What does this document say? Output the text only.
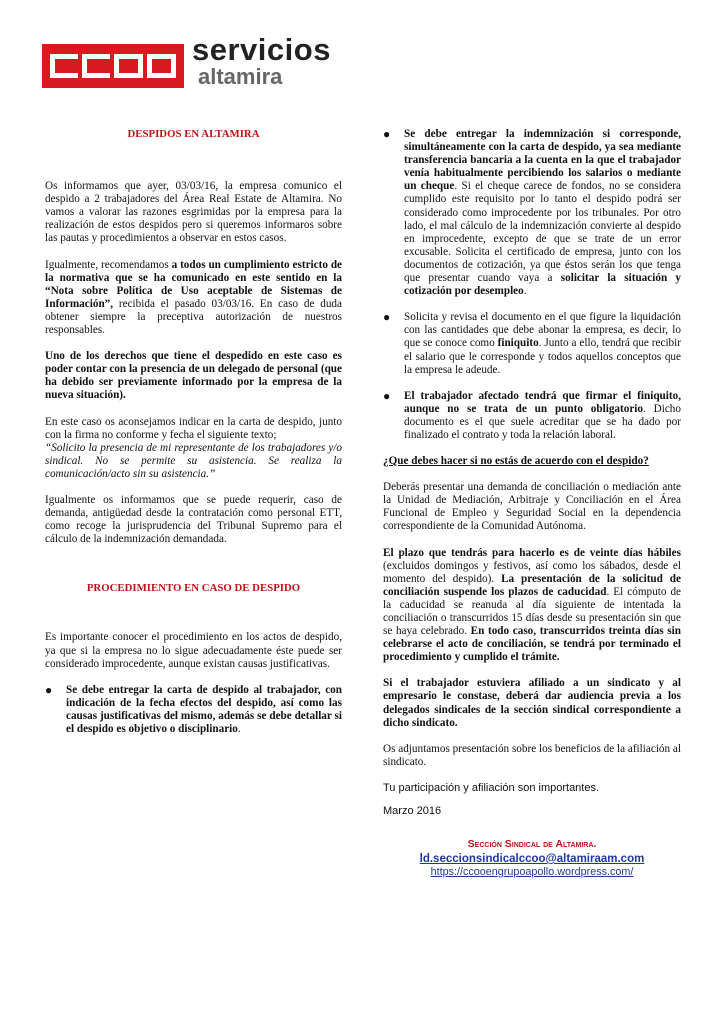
servicios
altamira

DESPIDOS EN ALTAMIRA

Os informamos que ayer, 03/03/16, la empresa comunico el despido a 2 trabajadores del Área Real Estate de Altamira. No vamos a valorar las razones esgrimidas por la empresa para la realización de estos despidos pero si queremos informaros sobre las pautas y procedimientos a observar en estos casos.

Igualmente, recomendamos a todos un cumplimiento estricto de la normativa que se ha comunicado en este sentido en la “Nota sobre Política de Uso aceptable de Sistemas de Información”, recibida el pasado 03/03/16. En caso de duda obtener siempre la preceptiva autorización de nuestros responsables.

Uno de los derechos que tiene el despedido en este caso es poder contar con la presencia de un delegado de personal (que ha debido ser previamente informado por la empresa de la nueva situación).

En este caso os aconsejamos indicar en la carta de despido, junto con la firma no conforme y fecha el siguiente texto;
“Solicito la presencia de mi representante de los trabajadores y/o sindical. No se permite su asistencia. Se realiza la comunicación/acto sin su asistencia.”

Igualmente os informamos que se puede requerir, caso de demanda, antigüedad desde la contratación como personal ETT, como recoge la jurisprudencia del Tribunal Supremo para el cálculo de la indemnización demandada.

PROCEDIMIENTO EN CASO DE DESPIDO

Es importante conocer el procedimiento en los actos de despido, ya que si la empresa no lo sigue adecuadamente éste puede ser considerado improcedente, aunque existan causas justificativas.

● Se debe entregar la carta de despido al trabajador, con indicación de la fecha efectos del despido, así como las causas justificativas del mismo, además se debe detallar si el despido es objetivo o disciplinario.
● Se debe entregar la indemnización si corresponde, simultáneamente con la carta de despido, ya sea mediante transferencia bancaria a la cuenta en la que el trabajador venía habitualmente percibiendo los salarios o mediante un cheque. Si el cheque carece de fondos, no se considera cumplido este requisito por lo tanto el despido podrá ser considerado como improcedente por los tribunales. Por otro lado, el mal cálculo de la indemnización convierte al despido en improcedente, excepto de que se trate de un error excusable. Solicita el certificado de empresa, junto con los documentos de cotización, ya que éstos serán los que tenga que presentar cuando vaya a solicitar la situación y cotización por desempleo.
● Solicita y revisa el documento en el que figure la liquidación con las cantidades que debe abonar la empresa, es decir, lo que se conoce como finiquito. Junto a ello, tendrá que recibir el salario que le corresponde y todos aquellos conceptos que la empresa le adeude.
● El trabajador afectado tendrá que firmar el finiquito, aunque no se trata de un punto obligatorio. Dicho documento es el que suele acreditar que se ha dado por finalizado el contrato y toda la relación laboral.

¿Que debes hacer si no estás de acuerdo con el despido?

Deberás presentar una demanda de conciliación o mediación ante la Unidad de Mediación, Arbitraje y Conciliación en el Área Funcional de Empleo y Seguridad Social en la dependencia correspondiente de la Comunidad Autónoma.

El plazo que tendrás para hacerlo es de veinte días hábiles (excluidos domingos y festivos, así como los sábados, desde el momento del despido). La presentación de la solicitud de conciliación suspende los plazos de caducidad. El cómputo de la caducidad se reanuda al día siguiente de intentada la conciliación o transcurridos 15 días desde su presentación sin que se haya celebrado. En todo caso, transcurridos treinta días sin celebrarse el acto de conciliación, se tendrá por terminado el procedimiento y cumplido el trámite.

Si el trabajador estuviera afiliado a un sindicato y al empresario le constase, deberá dar audiencia previa a los delegados sindicales de la sección sindical correspondiente a dicho sindicato.

Os adjuntamos presentación sobre los beneficios de la afiliación al sindicato.

Tu participación y afiliación son importantes.

Marzo 2016

Sección Sindical de Altamira.
ld.seccionsindicalccoo@altamiraam.com
https://ccooengrupoapollo.wordpress.com/
